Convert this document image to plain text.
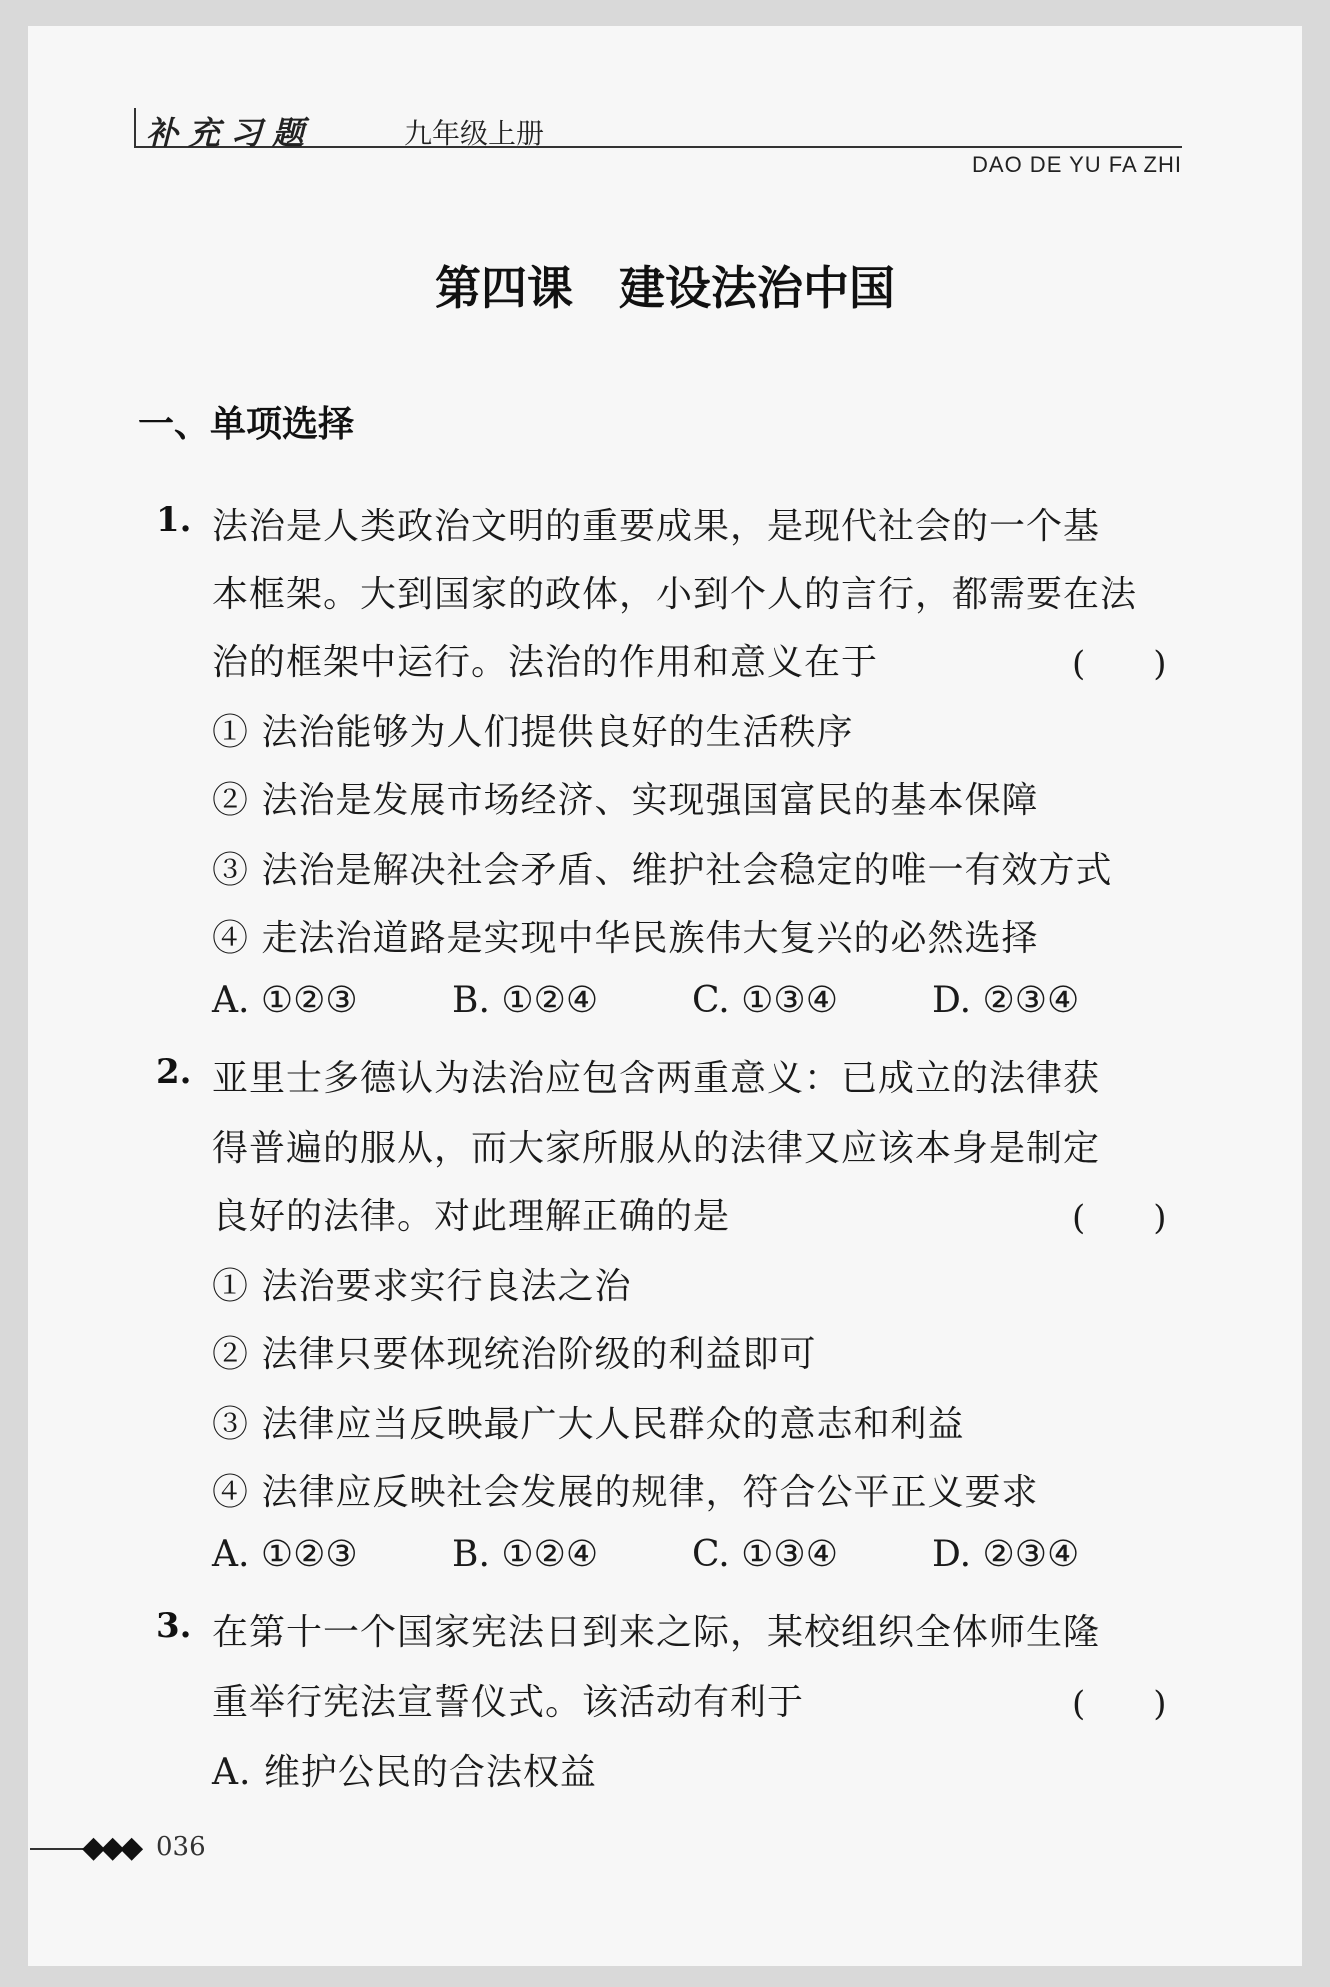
补充习题	九年级上册
DAO DE YU FA ZHI
第四课　建设法治中国
一、单项选择
1. 法治是人类政治文明的重要成果，是现代社会的一个基
本框架。大到国家的政体，小到个人的言行，都需要在法
治的框架中运行。法治的作用和意义在于	(　　)
① 法治能够为人们提供良好的生活秩序
② 法治是发展市场经济、实现强国富民的基本保障
③ 法治是解决社会矛盾、维护社会稳定的唯一有效方式
④ 走法治道路是实现中华民族伟大复兴的必然选择
A. ①②③	B. ①②④	C. ①③④	D. ②③④
2. 亚里士多德认为法治应包含两重意义：已成立的法律获
得普遍的服从，而大家所服从的法律又应该本身是制定
良好的法律。对此理解正确的是	(　　)
① 法治要求实行良法之治
② 法律只要体现统治阶级的利益即可
③ 法律应当反映最广大人民群众的意志和利益
④ 法律应反映社会发展的规律，符合公平正义要求
A. ①②③	B. ①②④	C. ①③④	D. ②③④
3. 在第十一个国家宪法日到来之际，某校组织全体师生隆
重举行宪法宣誓仪式。该活动有利于	(　　)
A. 维护公民的合法权益
◆◆◆ 036
